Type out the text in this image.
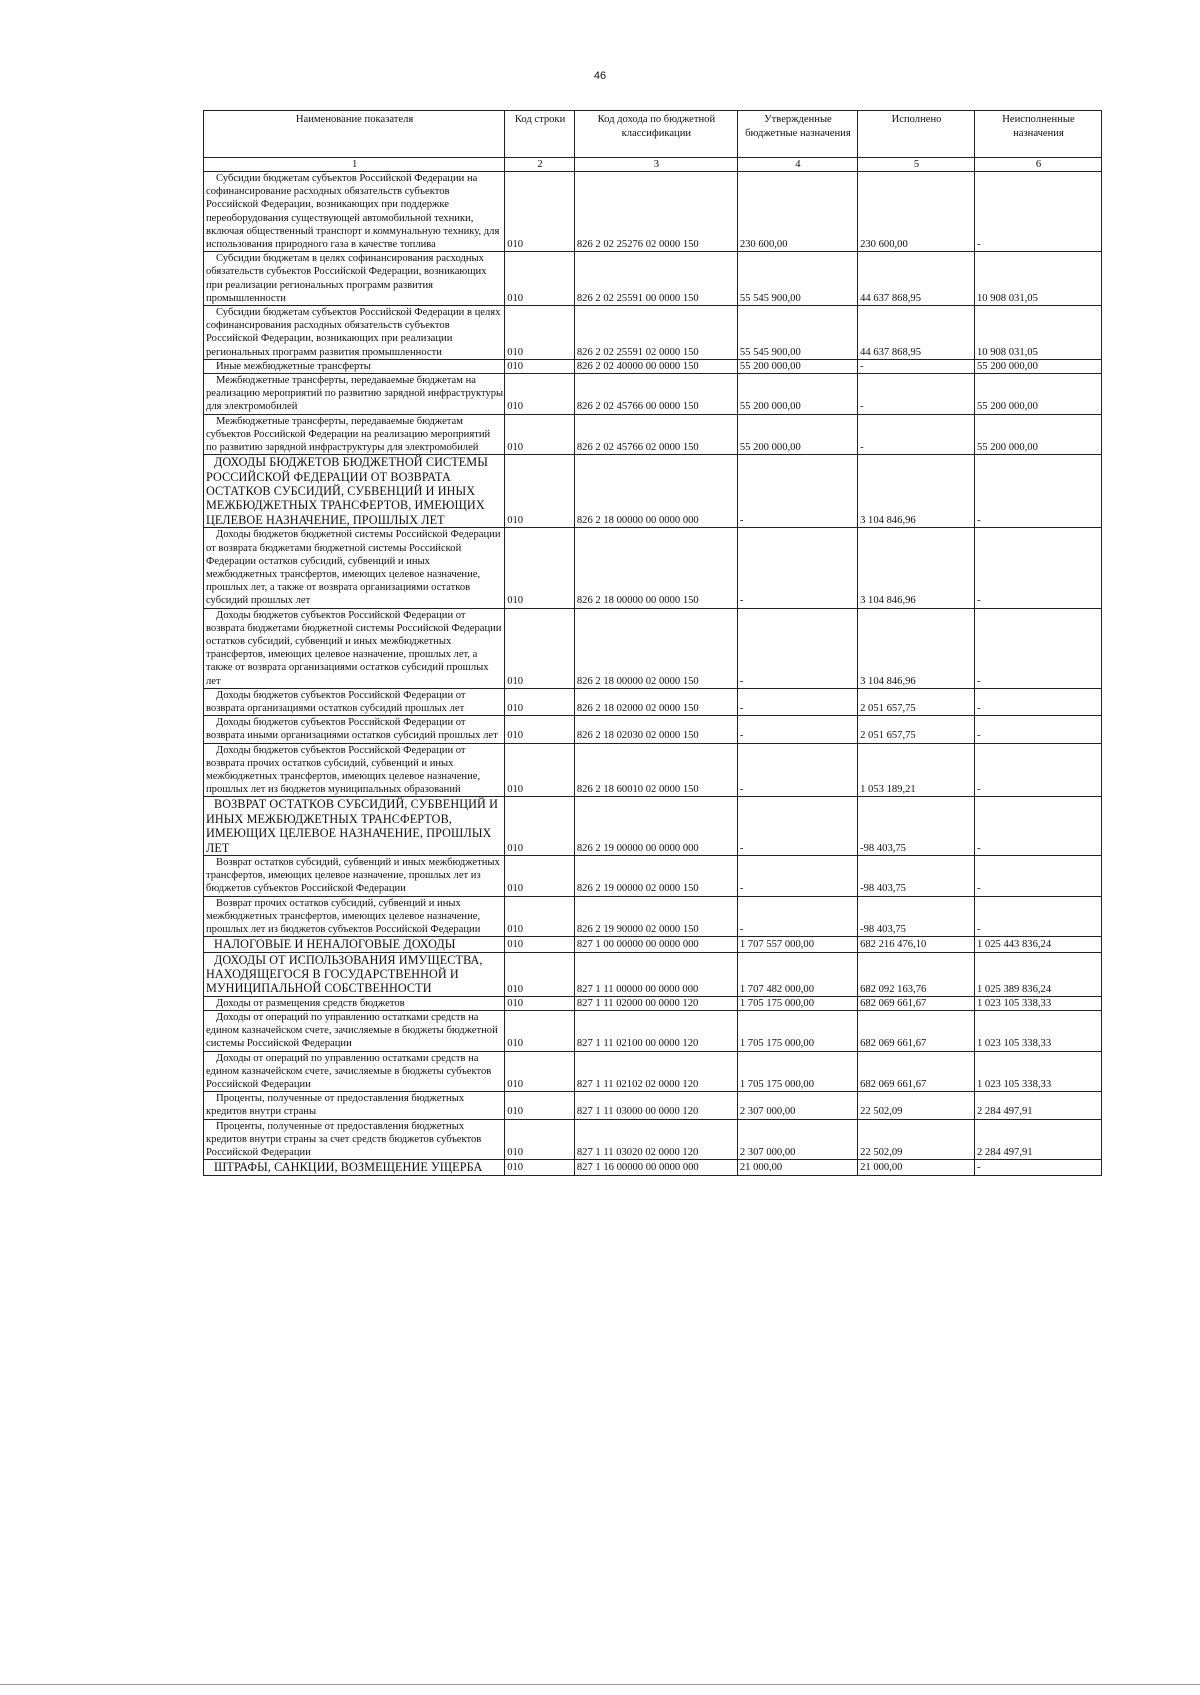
46
Наименование показателя	Код строки	Код дохода по бюджетной классификации	Утвержденные бюджетные назначения	Исполнено	Неисполненные назначения
1	2	3	4	5	6

Субсидии бюджетам субъектов Российской Федерации на софинансирование расходных обязательств субъектов Российской Федерации, возникающих при поддержке переоборудования существующей автомобильной техники, включая общественный транспорт и коммунальную технику, для использования природного газа в качестве топлива	010	826 2 02 25276 02 0000 150	230 600,00	230 600,00	-

Субсидии бюджетам в целях софинансирования расходных обязательств субъектов Российской Федерации, возникающих при реализации региональных программ развития промышленности	010	826 2 02 25591 00 0000 150	55 545 900,00	44 637 868,95	10 908 031,05

Субсидии бюджетам субъектов Российской Федерации в целях софинансирования расходных обязательств субъектов Российской Федерации, возникающих при реализации региональных программ развития промышленности	010	826 2 02 25591 02 0000 150	55 545 900,00	44 637 868,95	10 908 031,05

Иные межбюджетные трансферты	010	826 2 02 40000 00 0000 150	55 200 000,00	-	55 200 000,00

Межбюджетные трансферты, передаваемые бюджетам на реализацию мероприятий по развитию зарядной инфраструктуры для электромобилей	010	826 2 02 45766 00 0000 150	55 200 000,00	-	55 200 000,00

Межбюджетные трансферты, передаваемые бюджетам субъектов Российской Федерации на реализацию мероприятий по развитию зарядной инфраструктуры для электромобилей	010	826 2 02 45766 02 0000 150	55 200 000,00	-	55 200 000,00

ДОХОДЫ БЮДЖЕТОВ БЮДЖЕТНОЙ СИСТЕМЫ РОССИЙСКОЙ ФЕДЕРАЦИИ ОТ ВОЗВРАТА ОСТАТКОВ СУБСИДИЙ, СУБВЕНЦИЙ И ИНЫХ МЕЖБЮДЖЕТНЫХ ТРАНСФЕРТОВ, ИМЕЮЩИХ ЦЕЛЕВОЕ НАЗНАЧЕНИЕ, ПРОШЛЫХ ЛЕТ	010	826 2 18 00000 00 0000 000	-	3 104 846,96	-

Доходы бюджетов бюджетной системы Российской Федерации от возврата бюджетами бюджетной системы Российской Федерации остатков субсидий, субвенций и иных межбюджетных трансфертов, имеющих целевое назначение, прошлых лет, а также от возврата организациями остатков субсидий прошлых лет	010	826 2 18 00000 00 0000 150	-	3 104 846,96	-

Доходы бюджетов субъектов Российской Федерации от возврата бюджетами бюджетной системы Российской Федерации остатков субсидий, субвенций и иных межбюджетных трансфертов, имеющих целевое назначение, прошлых лет, а также от возврата организациями остатков субсидий прошлых лет	010	826 2 18 00000 02 0000 150	-	3 104 846,96	-

Доходы бюджетов субъектов Российской Федерации от возврата организациями остатков субсидий прошлых лет	010	826 2 18 02000 02 0000 150	-	2 051 657,75	-

Доходы бюджетов субъектов Российской Федерации от возврата иными организациями остатков субсидий прошлых лет	010	826 2 18 02030 02 0000 150	-	2 051 657,75	-

Доходы бюджетов субъектов Российской Федерации от возврата прочих остатков субсидий, субвенций и иных межбюджетных трансфертов, имеющих целевое назначение, прошлых лет из бюджетов муниципальных образований	010	826 2 18 60010 02 0000 150	-	1 053 189,21	-

ВОЗВРАТ ОСТАТКОВ СУБСИДИЙ, СУБВЕНЦИЙ И ИНЫХ МЕЖБЮДЖЕТНЫХ ТРАНСФЕРТОВ, ИМЕЮЩИХ ЦЕЛЕВОЕ НАЗНАЧЕНИЕ, ПРОШЛЫХ ЛЕТ	010	826 2 19 00000 00 0000 000	-	-98 403,75	-

Возврат остатков субсидий, субвенций и иных межбюджетных трансфертов, имеющих целевое назначение, прошлых лет из бюджетов субъектов Российской Федерации	010	826 2 19 00000 02 0000 150	-	-98 403,75	-

Возврат прочих остатков субсидий, субвенций и иных межбюджетных трансфертов, имеющих целевое назначение, прошлых лет из бюджетов субъектов Российской Федерации	010	826 2 19 90000 02 0000 150	-	-98 403,75	-

НАЛОГОВЫЕ И НЕНАЛОГОВЫЕ ДОХОДЫ	010	827 1 00 00000 00 0000 000	1 707 557 000,00	682 216 476,10	1 025 443 836,24

ДОХОДЫ ОТ ИСПОЛЬЗОВАНИЯ ИМУЩЕСТВА, НАХОДЯЩЕГОСЯ В ГОСУДАРСТВЕННОЙ И МУНИЦИПАЛЬНОЙ СОБСТВЕННОСТИ	010	827 1 11 00000 00 0000 000	1 707 482 000,00	682 092 163,76	1 025 389 836,24

Доходы от размещения средств бюджетов	010	827 1 11 02000 00 0000 120	1 705 175 000,00	682 069 661,67	1 023 105 338,33

Доходы от операций по управлению остатками средств на едином казначейском счете, зачисляемые в бюджеты бюджетной системы Российской Федерации	010	827 1 11 02100 00 0000 120	1 705 175 000,00	682 069 661,67	1 023 105 338,33

Доходы от операций по управлению остатками средств на едином казначейском счете, зачисляемые в бюджеты субъектов Российской Федерации	010	827 1 11 02102 02 0000 120	1 705 175 000,00	682 069 661,67	1 023 105 338,33

Проценты, полученные от предоставления бюджетных кредитов внутри страны	010	827 1 11 03000 00 0000 120	2 307 000,00	22 502,09	2 284 497,91

Проценты, полученные от предоставления бюджетных кредитов внутри страны за счет средств бюджетов субъектов Российской Федерации	010	827 1 11 03020 02 0000 120	2 307 000,00	22 502,09	2 284 497,91

ШТРАФЫ, САНКЦИИ, ВОЗМЕЩЕНИЕ УЩЕРБА	010	827 1 16 00000 00 0000 000	21 000,00	21 000,00	-
